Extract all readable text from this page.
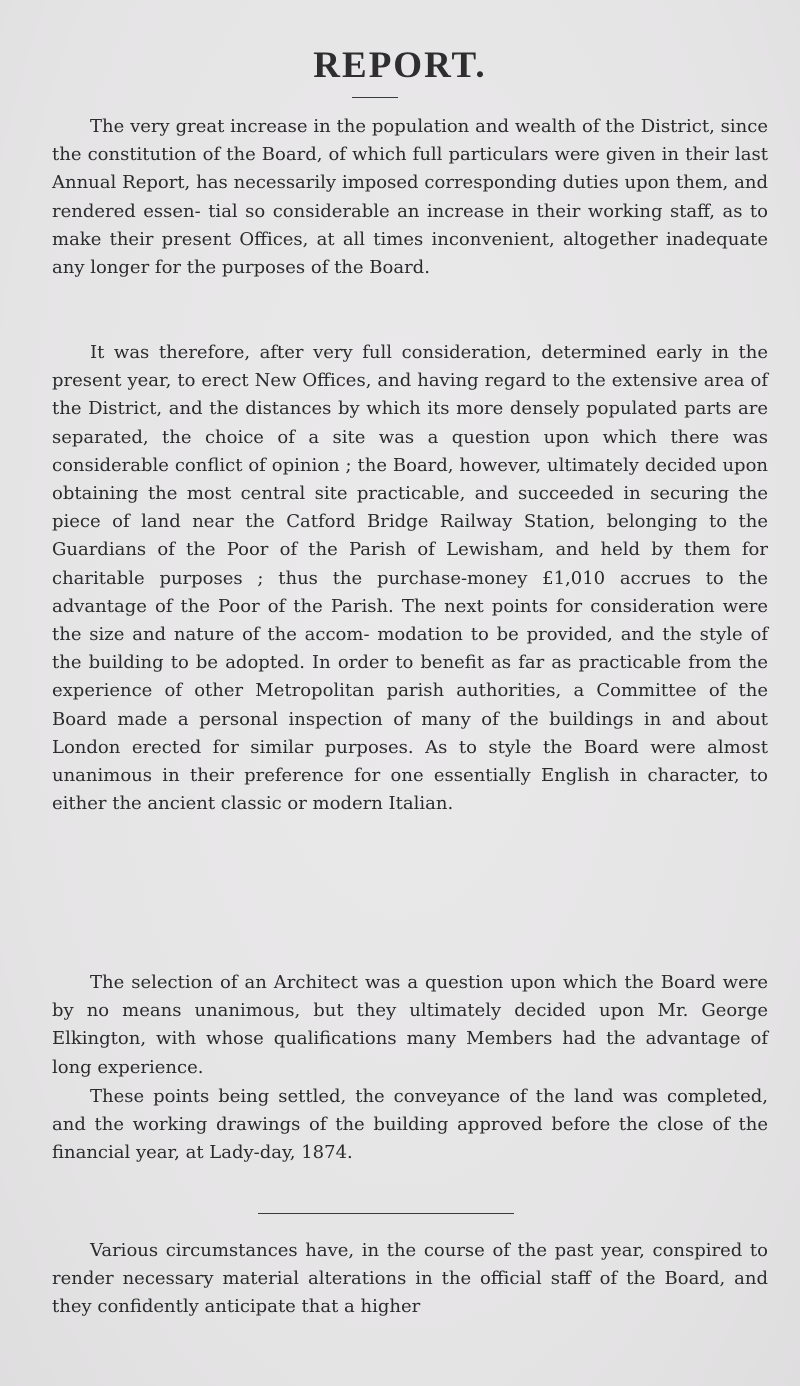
REPORT.

The very great increase in the population and wealth of the District, since the constitution of the Board, of which full particulars were given in their last Annual Report, has necessarily imposed corresponding duties upon them, and rendered essen- tial so considerable an increase in their working staff, as to make their present Offices, at all times inconvenient, altogether inadequate any longer for the purposes of the Board.

It was therefore, after very full consideration, determined early in the present year, to erect New Offices, and having regard to the extensive area of the District, and the distances by which its more densely populated parts are separated, the choice of a site was a question upon which there was considerable conflict of opinion ; the Board, however, ultimately decided upon obtaining the most central site practicable, and succeeded in securing the piece of land near the Catford Bridge Railway Station, belonging to the Guardians of the Poor of the Parish of Lewisham, and held by them for charitable purposes ; thus the purchase-money £1,010 accrues to the advantage of the Poor of the Parish. The next points for consideration were the size and nature of the accom- modation to be provided, and the style of the building to be adopted. In order to benefit as far as practicable from the experience of other Metropolitan parish authorities, a Committee of the Board made a personal inspection of many of the buildings in and about London erected for similar purposes. As to style the Board were almost unanimous in their preference for one essentially English in character, to either the ancient classic or modern Italian.

The selection of an Architect was a question upon which the Board were by no means unanimous, but they ultimately decided upon Mr. George Elkington, with whose qualifications many Members had the advantage of long experience.

These points being settled, the conveyance of the land was completed, and the working drawings of the building approved before the close of the financial year, at Lady-day, 1874.

Various circumstances have, in the course of the past year, conspired to render necessary material alterations in the official staff of the Board, and they confidently anticipate that a higher
